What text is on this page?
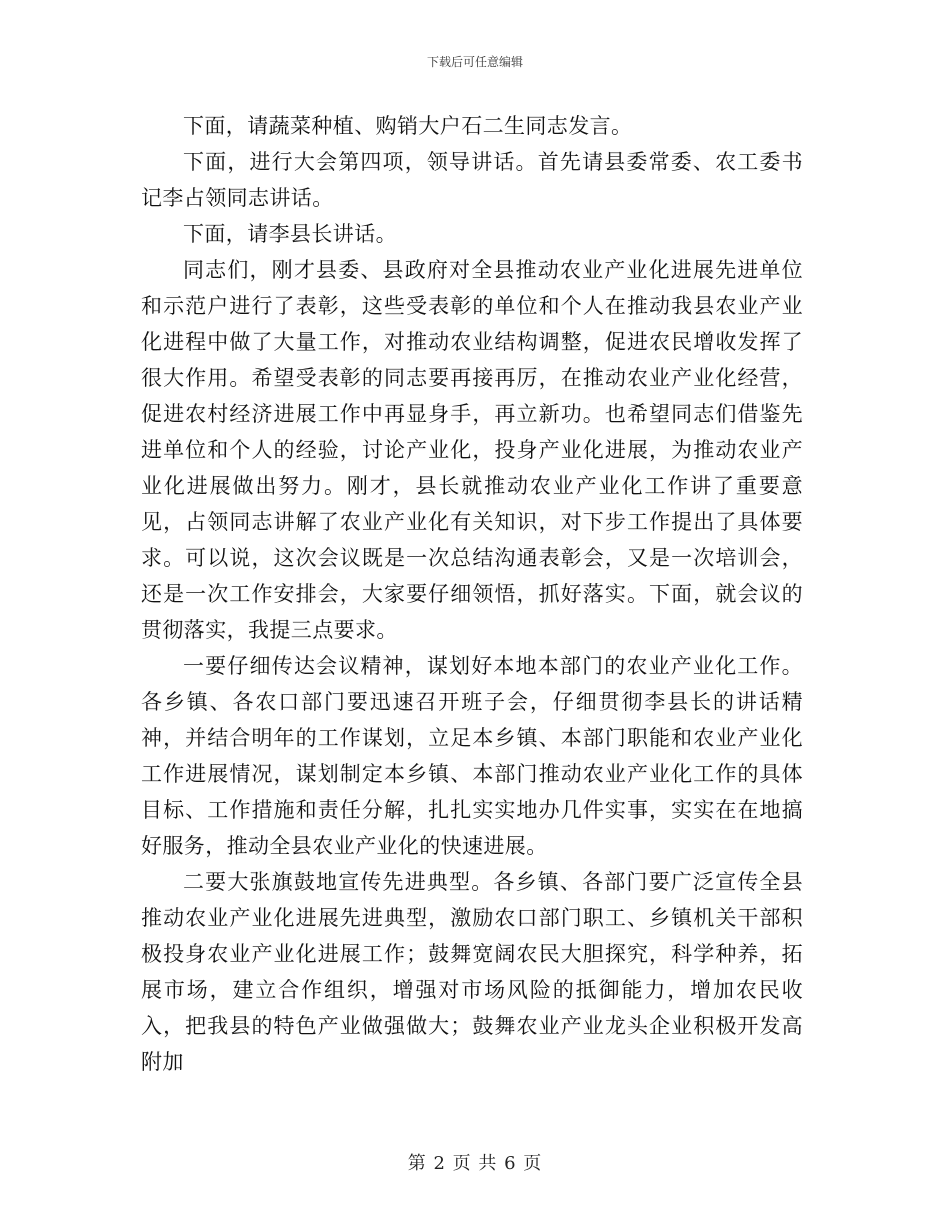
下载后可任意编辑

下面，请蔬菜种植、购销大户石二生同志发言。

下面，进行大会第四项，领导讲话。首先请县委常委、农工委书记李占领同志讲话。

下面，请李县长讲话。

同志们，刚才县委、县政府对全县推动农业产业化进展先进单位和示范户进行了表彰，这些受表彰的单位和个人在推动我县农业产业化进程中做了大量工作，对推动农业结构调整，促进农民增收发挥了很大作用。希望受表彰的同志要再接再厉，在推动农业产业化经营，促进农村经济进展工作中再显身手，再立新功。也希望同志们借鉴先进单位和个人的经验，讨论产业化，投身产业化进展，为推动农业产业化进展做出努力。刚才，县长就推动农业产业化工作讲了重要意见，占领同志讲解了农业产业化有关知识，对下步工作提出了具体要求。可以说，这次会议既是一次总结沟通表彰会，又是一次培训会，还是一次工作安排会，大家要仔细领悟，抓好落实。下面，就会议的贯彻落实，我提三点要求。

一要仔细传达会议精神，谋划好本地本部门的农业产业化工作。各乡镇、各农口部门要迅速召开班子会，仔细贯彻李县长的讲话精神，并结合明年的工作谋划，立足本乡镇、本部门职能和农业产业化工作进展情况，谋划制定本乡镇、本部门推动农业产业化工作的具体目标、工作措施和责任分解，扎扎实实地办几件实事，实实在在地搞好服务，推动全县农业产业化的快速进展。

二要大张旗鼓地宣传先进典型。各乡镇、各部门要广泛宣传全县推动农业产业化进展先进典型，激励农口部门职工、乡镇机关干部积极投身农业产业化进展工作；鼓舞宽阔农民大胆探究，科学种养，拓展市场，建立合作组织，增强对市场风险的抵御能力，增加农民收入，把我县的特色产业做强做大；鼓舞农业产业龙头企业积极开发高附加

第 2 页 共 6 页
